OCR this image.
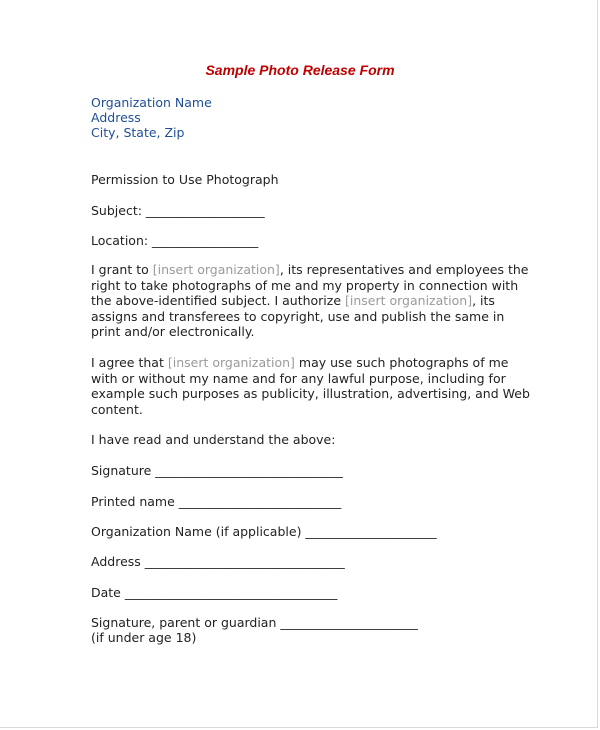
Sample Photo Release Form
Organization Name
Address
City, State, Zip
Permission to Use Photograph
Subject: ___________________
Location: _________________
I grant to [insert organization], its representatives and employees the right to take photographs of me and my property in connection with the above-identified subject. I authorize [insert organization], its assigns and transferees to copyright, use and publish the same in print and/or electronically.
I agree that [insert organization] may use such photographs of me with or without my name and for any lawful purpose, including for example such purposes as publicity, illustration, advertising, and Web content.
I have read and understand the above:
Signature ______________________________
Printed name __________________________
Organization Name (if applicable) _____________________
Address ________________________________
Date __________________________________
Signature, parent or guardian ______________________
(if under age 18)
